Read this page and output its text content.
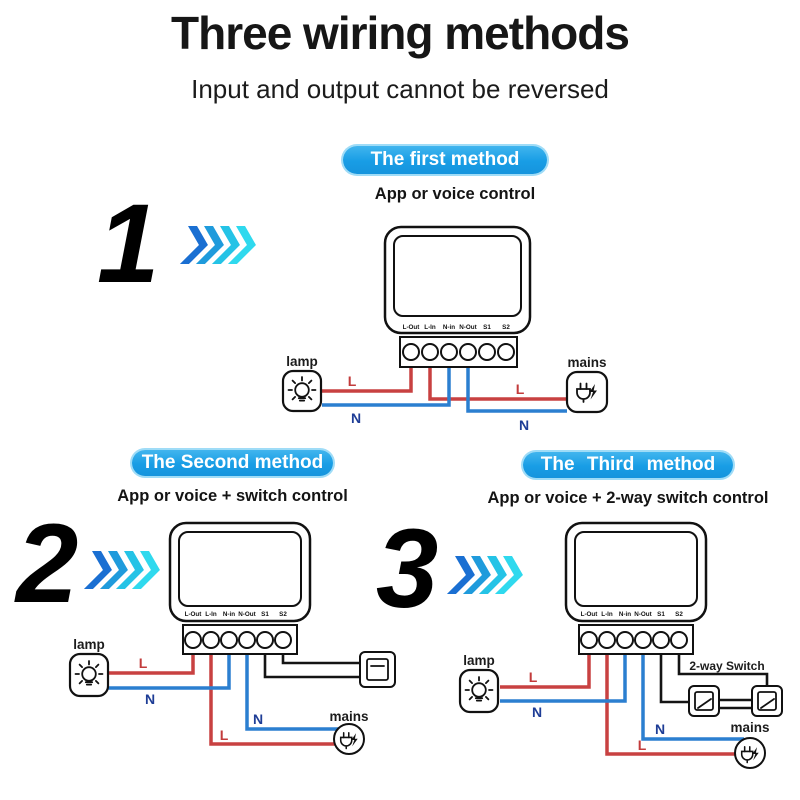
Three wiring methods
Input and output cannot be reversed
The first method
App or voice control
The Second method
App or voice + switch control
The Third method
App or voice + 2-way switch control
1
2	3
L-Out L-In N-in N-Out S1 S2
lamp	mains
L
N
L
N
L-Out L-In N-in N-Out S1 S2
lamp
mains
L
N
N
L
L-Out L-In N-in N-Out S1 S2
lamp	2-way Switch
mains
L
N
N
L
